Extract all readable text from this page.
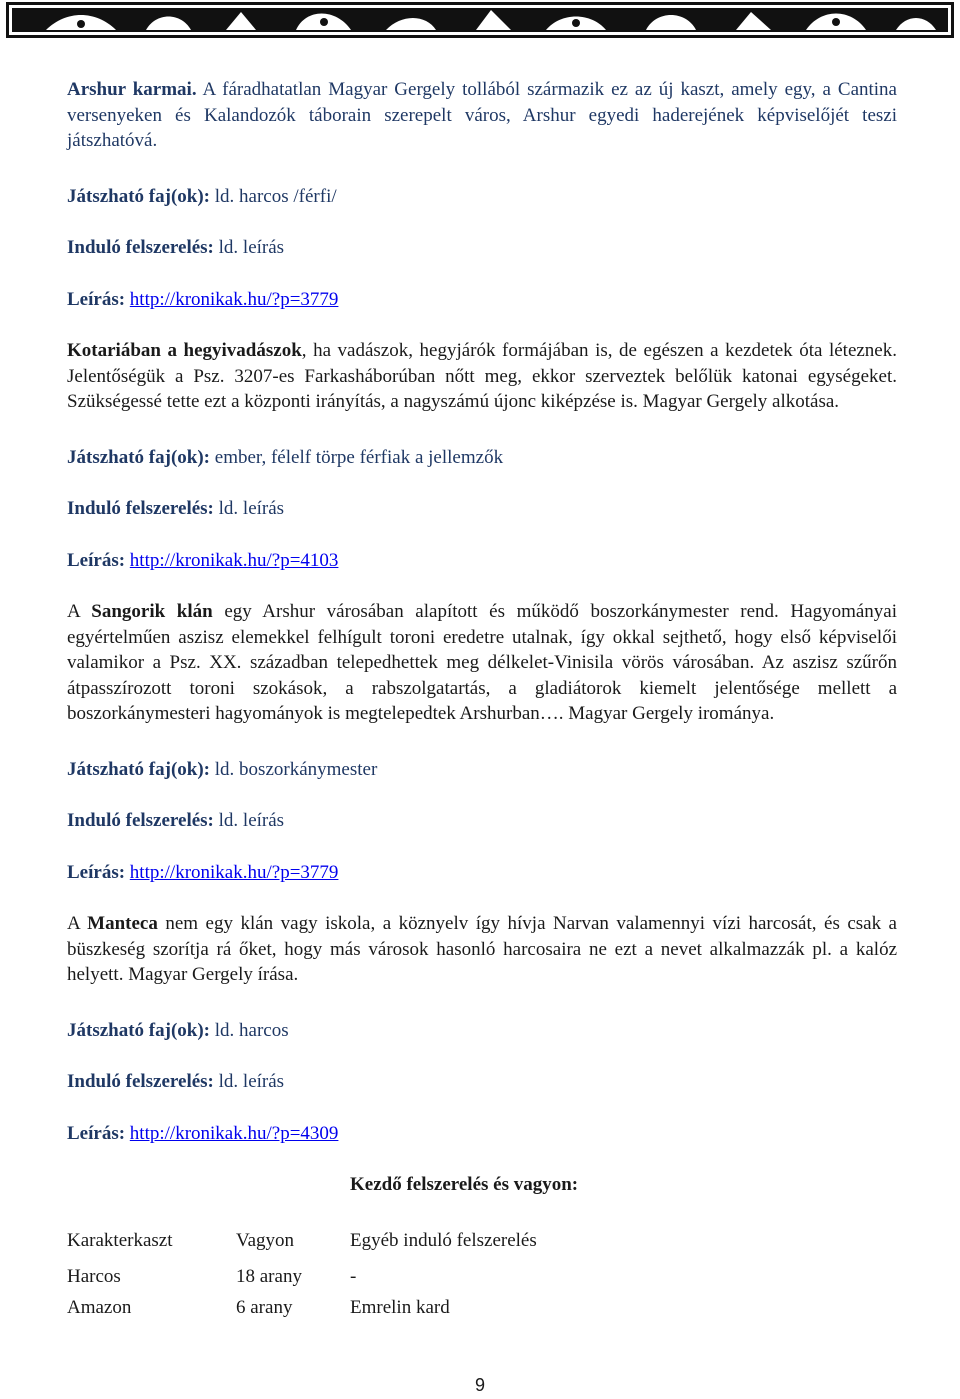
Arshur karmai. A fáradhatatlan Magyar Gergely tollából származik ez az új kaszt, amely egy, a Cantina versenyeken és Kalandozók táborain szerepelt város, Arshur egyedi haderejének képviselőjét teszi játszhatóvá.

Játszható faj(ok): ld. harcos /férfi/

Induló felszerelés: ld. leírás

Leírás: http://kronikak.hu/?p=3779

Kotariában a hegyivadászok, ha vadászok, hegyjárók formájában is, de egészen a kezdetek óta léteznek. Jelentőségük a Psz. 3207-es Farkasháborúban nőtt meg, ekkor szerveztek belőlük katonai egységeket. Szükségessé tette ezt a központi irányítás, a nagyszámú újonc kiképzése is. Magyar Gergely alkotása.

Játszható faj(ok): ember, félelf törpe férfiak a jellemzők

Induló felszerelés: ld. leírás

Leírás: http://kronikak.hu/?p=4103

A Sangorik klán egy Arshur városában alapított és működő boszorkánymester rend. Hagyományai egyértelműen aszisz elemekkel felhígult toroni eredetre utalnak, így okkal sejthető, hogy első képviselői valamikor a Psz. XX. században telepedhettek meg délkelet-Vinisila vörös városában. Az aszisz szűrőn átpasszírozott toroni szokások, a rabszolgatartás, a gladiátorok kiemelt jelentősége mellett a boszorkánymesteri hagyományok is megtelepedtek Arshurban…. Magyar Gergely irománya.

Játszható faj(ok): ld. boszorkánymester

Induló felszerelés: ld. leírás

Leírás: http://kronikak.hu/?p=3779

A Manteca nem egy klán vagy iskola, a köznyelv így hívja Narvan valamennyi vízi harcosát, és csak a büszkeség szorítja rá őket, hogy más városok hasonló harcosaira ne ezt a nevet alkalmazzák pl. a kalóz helyett. Magyar Gergely írása.

Játszható faj(ok): ld. harcos

Induló felszerelés: ld. leírás

Leírás: http://kronikak.hu/?p=4309

Kezdő felszerelés és vagyon:

Karakterkaszt	Vagyon	Egyéb induló felszerelés
Harcos	18 arany	-
Amazon	6 arany	Emrelin kard
9
